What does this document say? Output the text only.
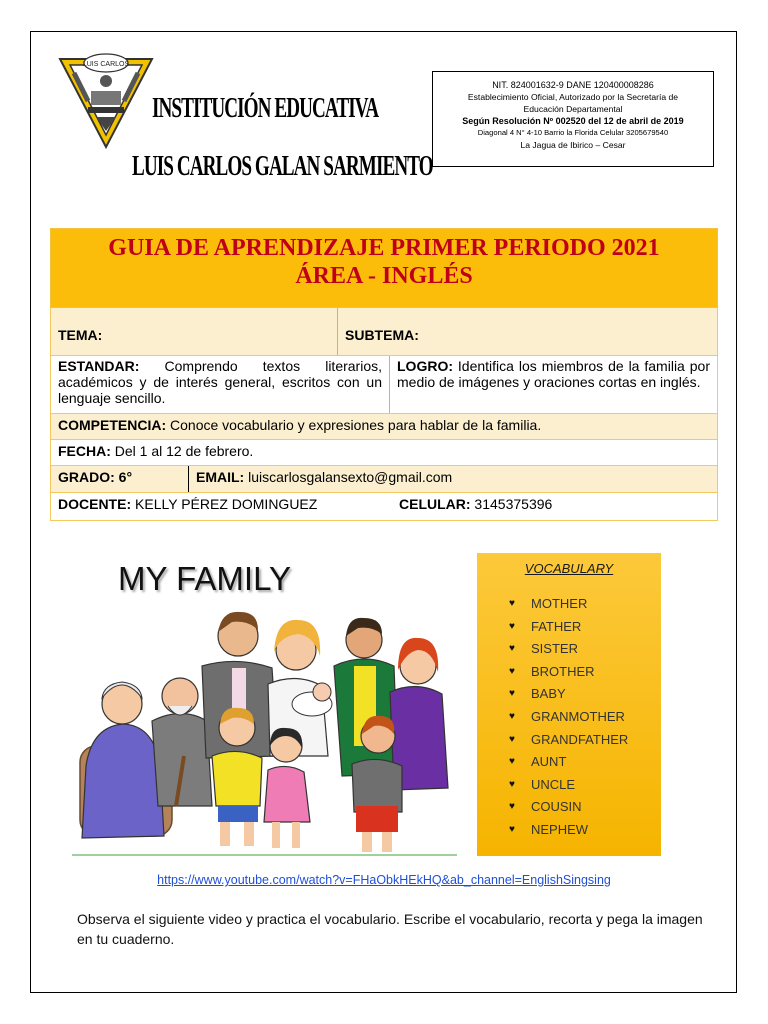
LUIS CARLOS
INSTITUCIÓN EDUCATIVA
LUIS CARLOS GALAN SARMIENTO
NIT. 824001632-9 DANE 120400008286
Establecimiento Oficial, Autorizado por la Secretaría de
Educación Departamental
Según Resolución Nº 002520 del 12 de abril de 2019
Diagonal 4 N° 4-10 Barrio la Florida Celular 3205679540
La Jagua de Ibirico – Cesar
GUIA DE APRENDIZAJE PRIMER PERIODO 2021
ÁREA - INGLÉS
TEMA:	SUBTEMA:
ESTANDAR: Comprendo textos literarios, académicos y de interés general, escritos con un lenguaje sencillo.
LOGRO: Identifica los miembros de la familia por medio de imágenes y oraciones cortas en inglés.
COMPETENCIA: Conoce vocabulario y expresiones para hablar de la familia.
FECHA: Del 1 al 12 de febrero.
GRADO: 6°	EMAIL: luiscarlosgalansexto@gmail.com
DOCENTE: KELLY PÉREZ DOMINGUEZ	CELULAR: 3145375396
MY FAMILY	VOCABULARY
♥	MOTHER
♥	FATHER
♥	SISTER
♥	BROTHER
♥	BABY
♥	GRANMOTHER
♥	GRANDFATHER
♥	AUNT
♥	UNCLE
♥	COUSIN
♥	NEPHEW
https://www.youtube.com/watch?v=FHaObkHEkHQ&ab_channel=EnglishSingsing
Observa el siguiente video y practica el vocabulario. Escribe el vocabulario, recorta y pega la imagen en tu cuaderno.
